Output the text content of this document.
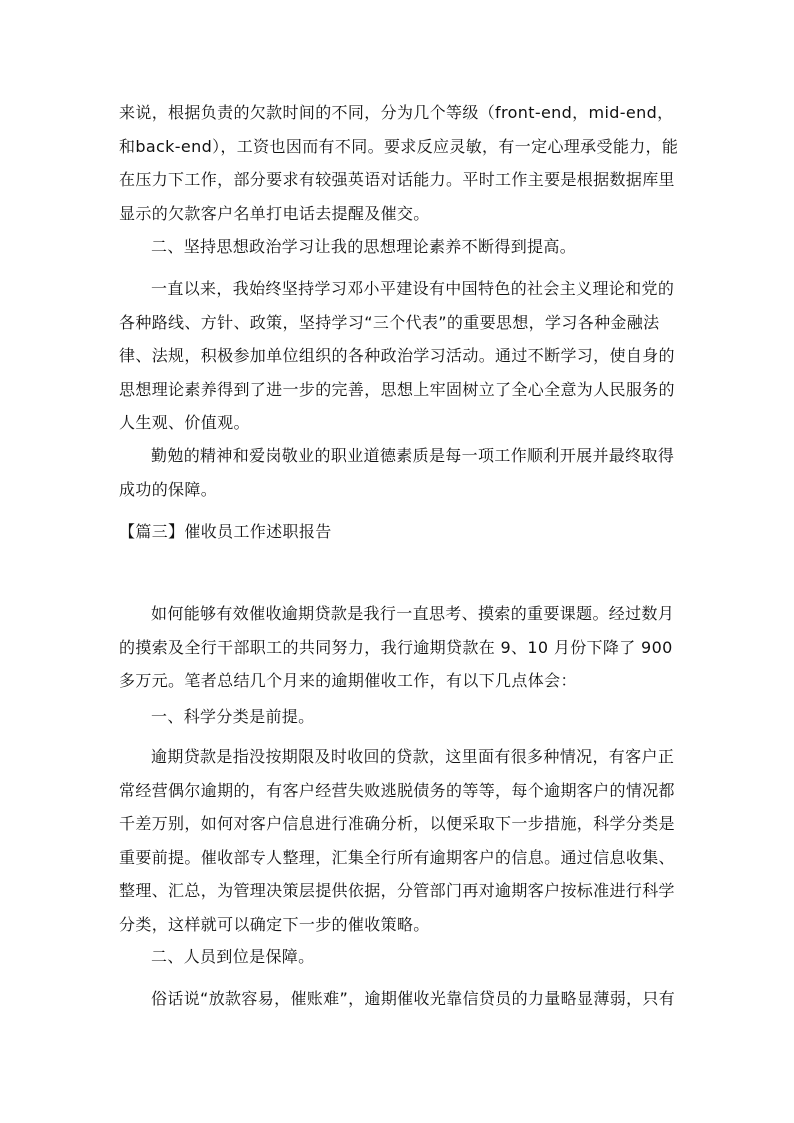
来说，根据负责的欠款时间的不同，分为几个等级（front-end，mid-end，和back-end），工资也因而有不同。要求反应灵敏，有一定心理承受能力，能在压力下工作，部分要求有较强英语对话能力。平时工作主要是根据数据库里显示的欠款客户名单打电话去提醒及催交。

二、坚持思想政治学习让我的思想理论素养不断得到提高。

一直以来，我始终坚持学习邓小平建设有中国特色的社会主义理论和党的各种路线、方针、政策，坚持学习“三个代表”的重要思想，学习各种金融法律、法规，积极参加单位组织的各种政治学习活动。通过不断学习，使自身的思想理论素养得到了进一步的完善，思想上牢固树立了全心全意为人民服务的人生观、价值观。

勤勉的精神和爱岗敬业的职业道德素质是每一项工作顺利开展并最终取得成功的保障。

【篇三】催收员工作述职报告

如何能够有效催收逾期贷款是我行一直思考、摸索的重要课题。经过数月的摸索及全行干部职工的共同努力，我行逾期贷款在 9、10 月份下降了 900 多万元。笔者总结几个月来的逾期催收工作，有以下几点体会：

一、科学分类是前提。

逾期贷款是指没按期限及时收回的贷款，这里面有很多种情况，有客户正常经营偶尔逾期的，有客户经营失败逃脱债务的等等，每个逾期客户的情况都千差万别，如何对客户信息进行准确分析，以便采取下一步措施，科学分类是重要前提。催收部专人整理，汇集全行所有逾期客户的信息。通过信息收集、整理、汇总，为管理决策层提供依据，分管部门再对逾期客户按标准进行科学分类，这样就可以确定下一步的催收策略。

二、人员到位是保障。

俗话说“放款容易，催账难”，逾期催收光靠信贷员的力量略显薄弱，只有
